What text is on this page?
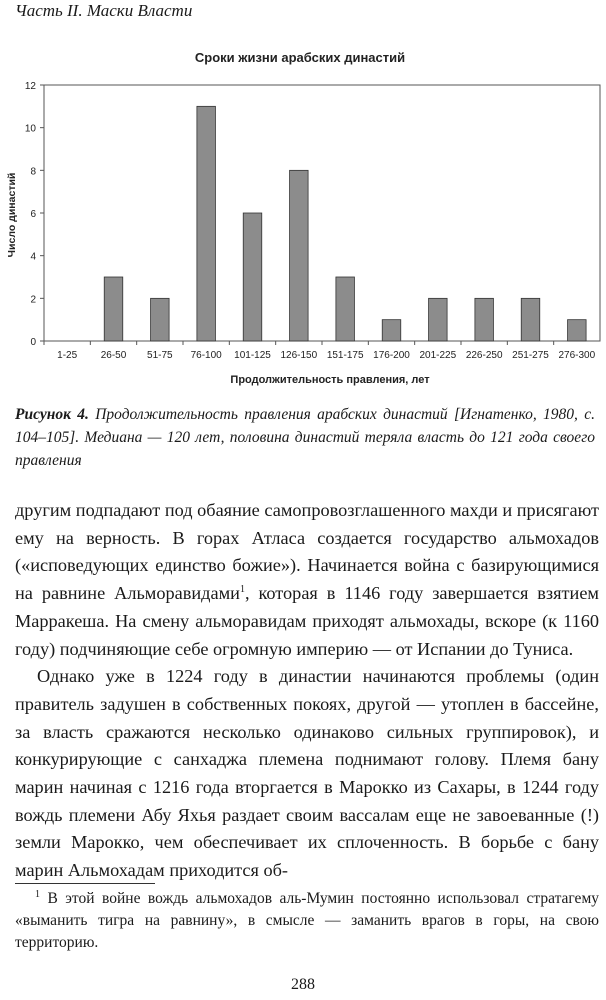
Часть II. Маски Власти
Сроки жизни арабских династий
Число династий
Продолжительность правления, лет
0
2
4
6
8
10
12
1-25 26-50 51-75 76-100 101-125 126-150 151-175 176-200 201-225 226-250 251-275 276-300
Рисунок 4. Продолжительность правления арабских династий [Игнатенко, 1980, с. 104–105]. Медиана — 120 лет, половина династий теряла власть до 121 года своего правления

другим подпадают под обаяние самопровозглашенного махди и присягают ему на верность. В горах Атласа создается государство альмохадов («исповедующих единство божие»). Начинается война с базирующимися на равнине Альморавидами$^1$, которая в 1146 году завершается взятием Марракеша. На смену альморавидам приходят альмохады, вскоре (к 1160 году) подчиняющие себе огромную империю — от Испании до Туниса.

Однако уже в 1224 году в династии начинаются проблемы (один правитель задушен в собственных покоях, другой — утоплен в бассейне, за власть сражаются несколько одинаково сильных группировок), и конкурирующие с санхаджа племена поднимают голову. Племя бану марин начиная с 1216 года вторгается в Марокко из Сахары, в 1244 году вождь племени Абу Яхья раздает своим вассалам еще не завоеванные (!) земли Марокко, чем обеспечивает их сплоченность. В борьбе с бану марин Альмохадам приходится об-

$^1$ В этой войне вождь альмохадов аль-Мумин постоянно использовал стратагему «выманить тигра на равнину», в смысле — заманить врагов в горы, на свою территорию.
288
